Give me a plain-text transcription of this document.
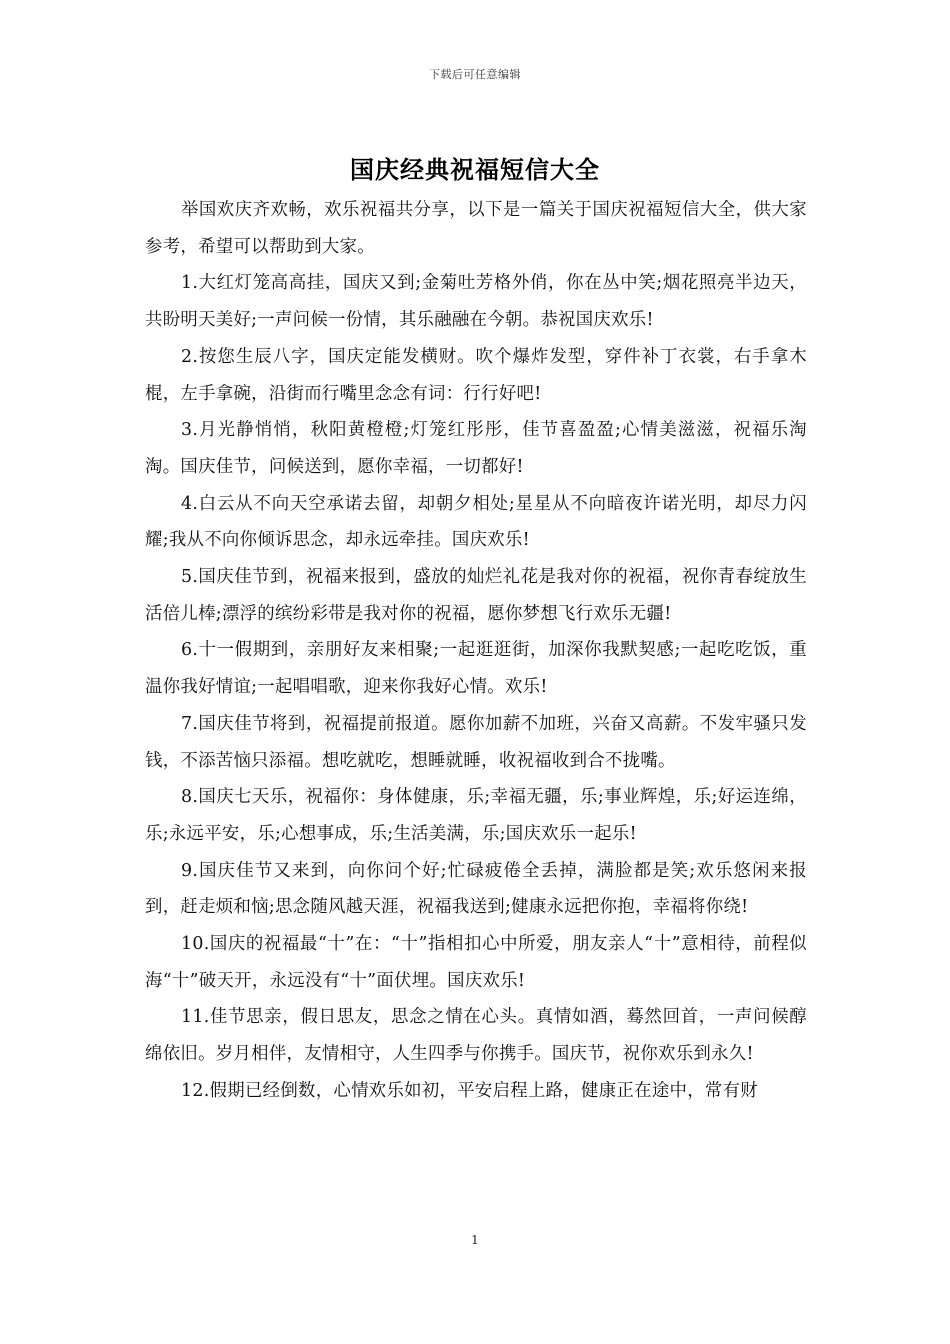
下载后可任意编辑
国庆经典祝福短信大全

举国欢庆齐欢畅，欢乐祝福共分享，以下是一篇关于国庆祝福短信大全，供大家参考，希望可以帮助到大家。

1.大红灯笼高高挂，国庆又到;金菊吐芳格外俏，你在丛中笑;烟花照亮半边天，共盼明天美好;一声问候一份情，其乐融融在今朝。恭祝国庆欢乐!

2.按您生辰八字，国庆定能发横财。吹个爆炸发型，穿件补丁衣裳，右手拿木棍，左手拿碗，沿街而行嘴里念念有词：行行好吧!

3.月光静悄悄，秋阳黄橙橙;灯笼红彤彤，佳节喜盈盈;心情美滋滋，祝福乐淘淘。国庆佳节，问候送到，愿你幸福，一切都好!

4.白云从不向天空承诺去留，却朝夕相处;星星从不向暗夜许诺光明，却尽力闪耀;我从不向你倾诉思念，却永远牵挂。国庆欢乐!

5.国庆佳节到，祝福来报到，盛放的灿烂礼花是我对你的祝福，祝你青春绽放生活倍儿棒;漂浮的缤纷彩带是我对你的祝福，愿你梦想飞行欢乐无疆!

6.十一假期到，亲朋好友来相聚;一起逛逛街，加深你我默契感;一起吃吃饭，重温你我好情谊;一起唱唱歌，迎来你我好心情。欢乐!

7.国庆佳节将到，祝福提前报道。愿你加薪不加班，兴奋又高薪。不发牢骚只发钱，不添苦恼只添福。想吃就吃，想睡就睡，收祝福收到合不拢嘴。

8.国庆七天乐，祝福你：身体健康，乐;幸福无疆，乐;事业辉煌，乐;好运连绵，乐;永远平安，乐;心想事成，乐;生活美满，乐;国庆欢乐一起乐!

9.国庆佳节又来到，向你问个好;忙碌疲倦全丢掉，满脸都是笑;欢乐悠闲来报到，赶走烦和恼;思念随风越天涯，祝福我送到;健康永远把你抱，幸福将你绕!

10.国庆的祝福最“十”在：“十”指相扣心中所爱，朋友亲人“十”意相待，前程似海“十”破天开，永远没有“十”面伏埋。国庆欢乐!

11.佳节思亲，假日思友，思念之情在心头。真情如酒，蓦然回首，一声问候醇绵依旧。岁月相伴，友情相守，人生四季与你携手。国庆节，祝你欢乐到永久!

12.假期已经倒数，心情欢乐如初，平安启程上路，健康正在途中，常有财

1
